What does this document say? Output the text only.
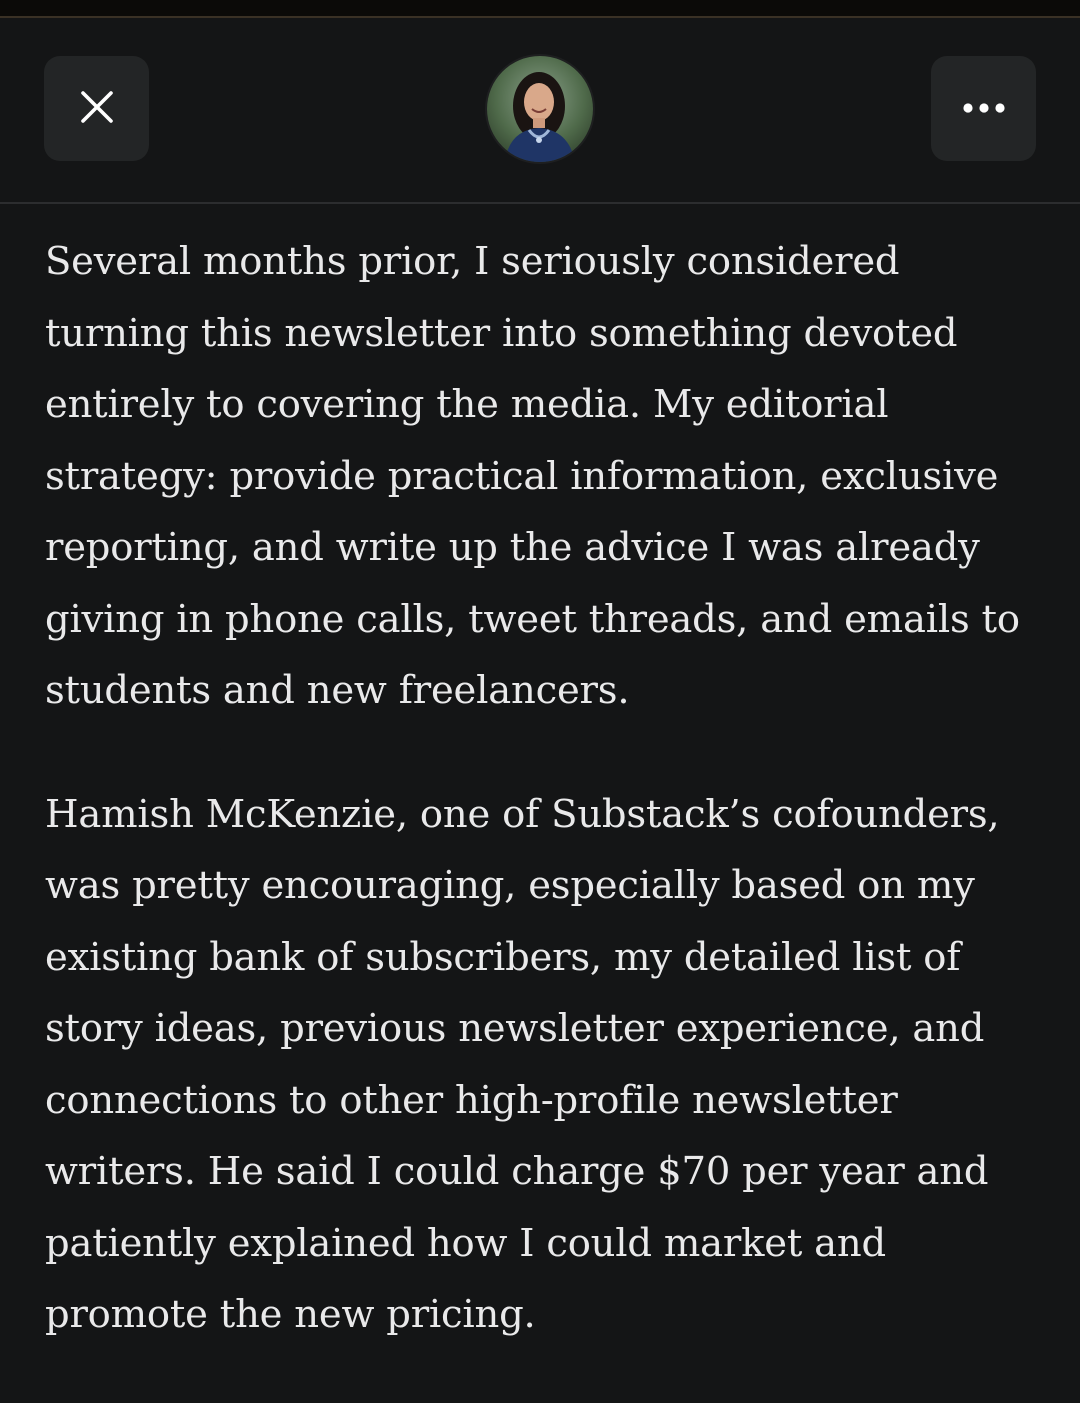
Several months prior, I seriously considered turning this newsletter into something devoted entirely to covering the media. My editorial strategy: provide practical information, exclusive reporting, and write up the advice I was already giving in phone calls, tweet threads, and emails to students and new freelancers.

Hamish McKenzie, one of Substack’s cofounders, was pretty encouraging, especially based on my existing bank of subscribers, my detailed list of story ideas, previous newsletter experience, and connections to other high-profile newsletter writers. He said I could charge $70 per year and patiently explained how I could market and promote the new pricing.
